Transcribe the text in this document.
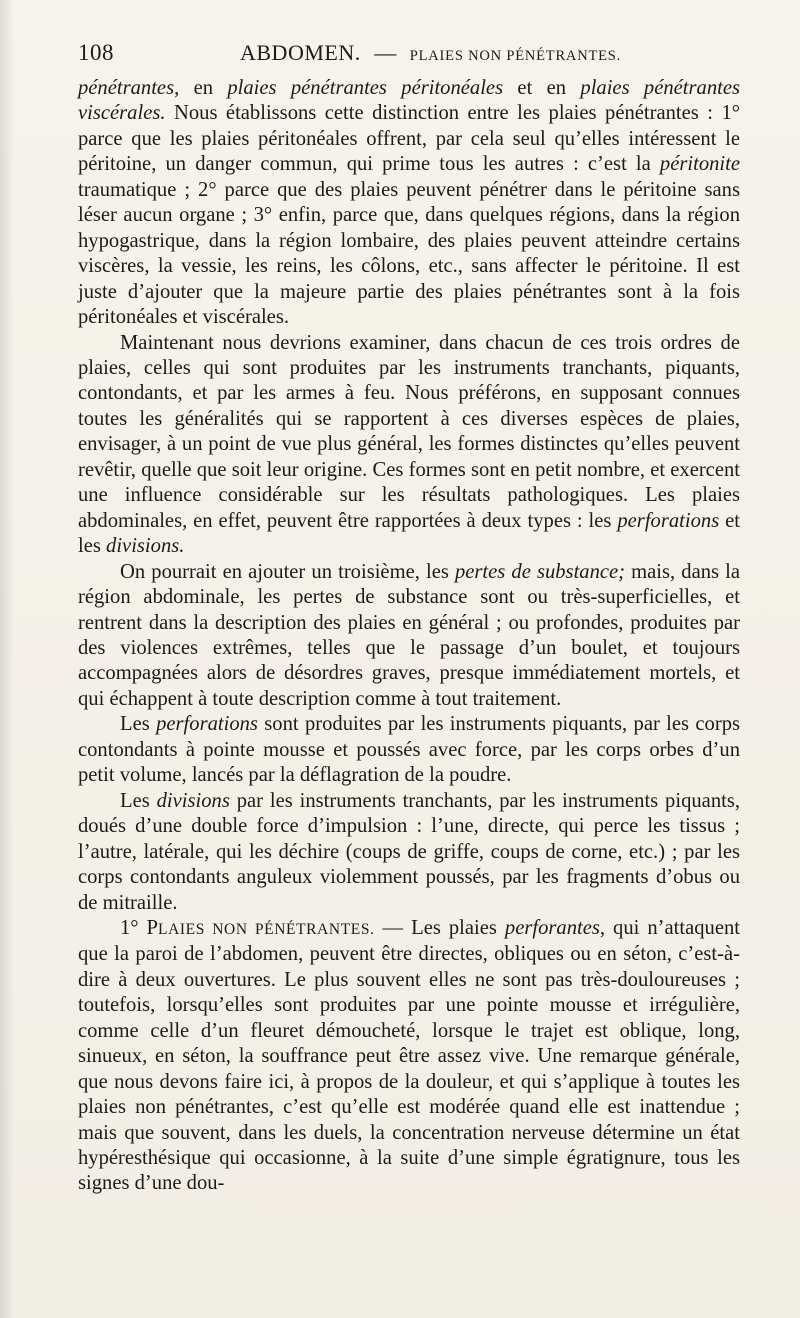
108	ABDOMEN. — PLAIES NON PÉNÉTRANTES.

pénétrantes, en plaies pénétrantes péritonéales et en plaies pénétrantes viscérales. Nous établissons cette distinction entre les plaies pénétrantes : 1° parce que les plaies péritonéales offrent, par cela seul qu’elles intéressent le péritoine, un danger commun, qui prime tous les autres : c’est la péritonite traumatique ; 2° parce que des plaies peuvent pénétrer dans le péritoine sans léser aucun organe ; 3° enfin, parce que, dans quelques régions, dans la région hypogastrique, dans la région lombaire, des plaies peuvent atteindre certains viscères, la vessie, les reins, les côlons, etc., sans affecter le péritoine. Il est juste d’ajouter que la majeure partie des plaies pénétrantes sont à la fois péritonéales et viscérales.

Maintenant nous devrions examiner, dans chacun de ces trois ordres de plaies, celles qui sont produites par les instruments tranchants, piquants, contondants, et par les armes à feu. Nous préférons, en supposant connues toutes les généralités qui se rapportent à ces diverses espèces de plaies, envisager, à un point de vue plus général, les formes distinctes qu’elles peuvent revêtir, quelle que soit leur origine. Ces formes sont en petit nombre, et exercent une influence considérable sur les résultats pathologiques. Les plaies abdominales, en effet, peuvent être rapportées à deux types : les perforations et les divisions.

On pourrait en ajouter un troisième, les pertes de substance; mais, dans la région abdominale, les pertes de substance sont ou très-superficielles, et rentrent dans la description des plaies en général ; ou profondes, produites par des violences extrêmes, telles que le passage d’un boulet, et toujours accompagnées alors de désordres graves, presque immédiatement mortels, et qui échappent à toute description comme à tout traitement.

Les perforations sont produites par les instruments piquants, par les corps contondants à pointe mousse et poussés avec force, par les corps orbes d’un petit volume, lancés par la déflagration de la poudre.

Les divisions par les instruments tranchants, par les instruments piquants, doués d’une double force d’impulsion : l’une, directe, qui perce les tissus ; l’autre, latérale, qui les déchire (coups de griffe, coups de corne, etc.) ; par les corps contondants anguleux violemment poussés, par les fragments d’obus ou de mitraille.

1° PLAIES NON PÉNÉTRANTES. — Les plaies perforantes, qui n’attaquent que la paroi de l’abdomen, peuvent être directes, obliques ou en séton, c’est-à-dire à deux ouvertures. Le plus souvent elles ne sont pas très-douloureuses ; toutefois, lorsqu’elles sont produites par une pointe mousse et irrégulière, comme celle d’un fleuret démoucheté, lorsque le trajet est oblique, long, sinueux, en séton, la souffrance peut être assez vive. Une remarque générale, que nous devons faire ici, à propos de la douleur, et qui s’applique à toutes les plaies non pénétrantes, c’est qu’elle est modérée quand elle est inattendue ; mais que souvent, dans les duels, la concentration nerveuse détermine un état hypéresthésique qui occasionne, à la suite d’une simple égratignure, tous les signes d’une dou-
